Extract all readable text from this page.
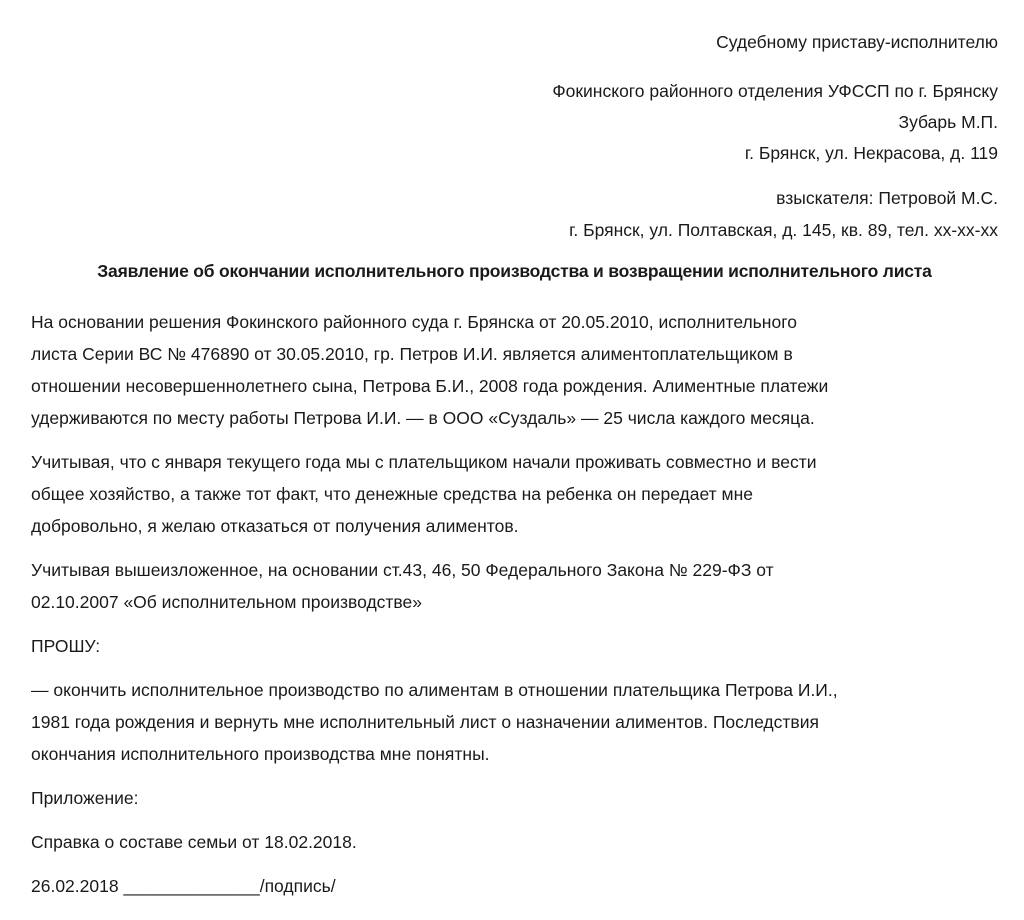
Судебному приставу-исполнителю
Фокинского районного отделения УФССП по г. Брянску
Зубарь М.П.
г. Брянск, ул. Некрасова, д. 119
взыскателя: Петровой М.С.
г. Брянск, ул. Полтавская, д. 145, кв. 89, тел. хх-хх-хх
Заявление об окончании исполнительного производства и возвращении исполнительного листа

На основании решения Фокинского районного суда г. Брянска от 20.05.2010, исполнительного
листа Серии ВС № 476890 от 30.05.2010, гр. Петров И.И. является алиментоплательщиком в
отношении несовершеннолетнего сына, Петрова Б.И., 2008 года рождения. Алиментные платежи
удерживаются по месту работы Петрова И.И. — в ООО «Суздаль» — 25 числа каждого месяца.

Учитывая, что с января текущего года мы с плательщиком начали проживать совместно и вести
общее хозяйство, а также тот факт, что денежные средства на ребенка он передает мне
добровольно, я желаю отказаться от получения алиментов.

Учитывая вышеизложенное, на основании ст.43, 46, 50 Федерального Закона № 229-ФЗ от
02.10.2007 «Об исполнительном производстве»

ПРОШУ:

— окончить исполнительное производство по алиментам в отношении плательщика Петрова И.И.,
1981 года рождения и вернуть мне исполнительный лист о назначении алиментов. Последствия
окончания исполнительного производства мне понятны.

Приложение:

Справка о составе семьи от 18.02.2018.

26.02.2018 ______________/подпись/
